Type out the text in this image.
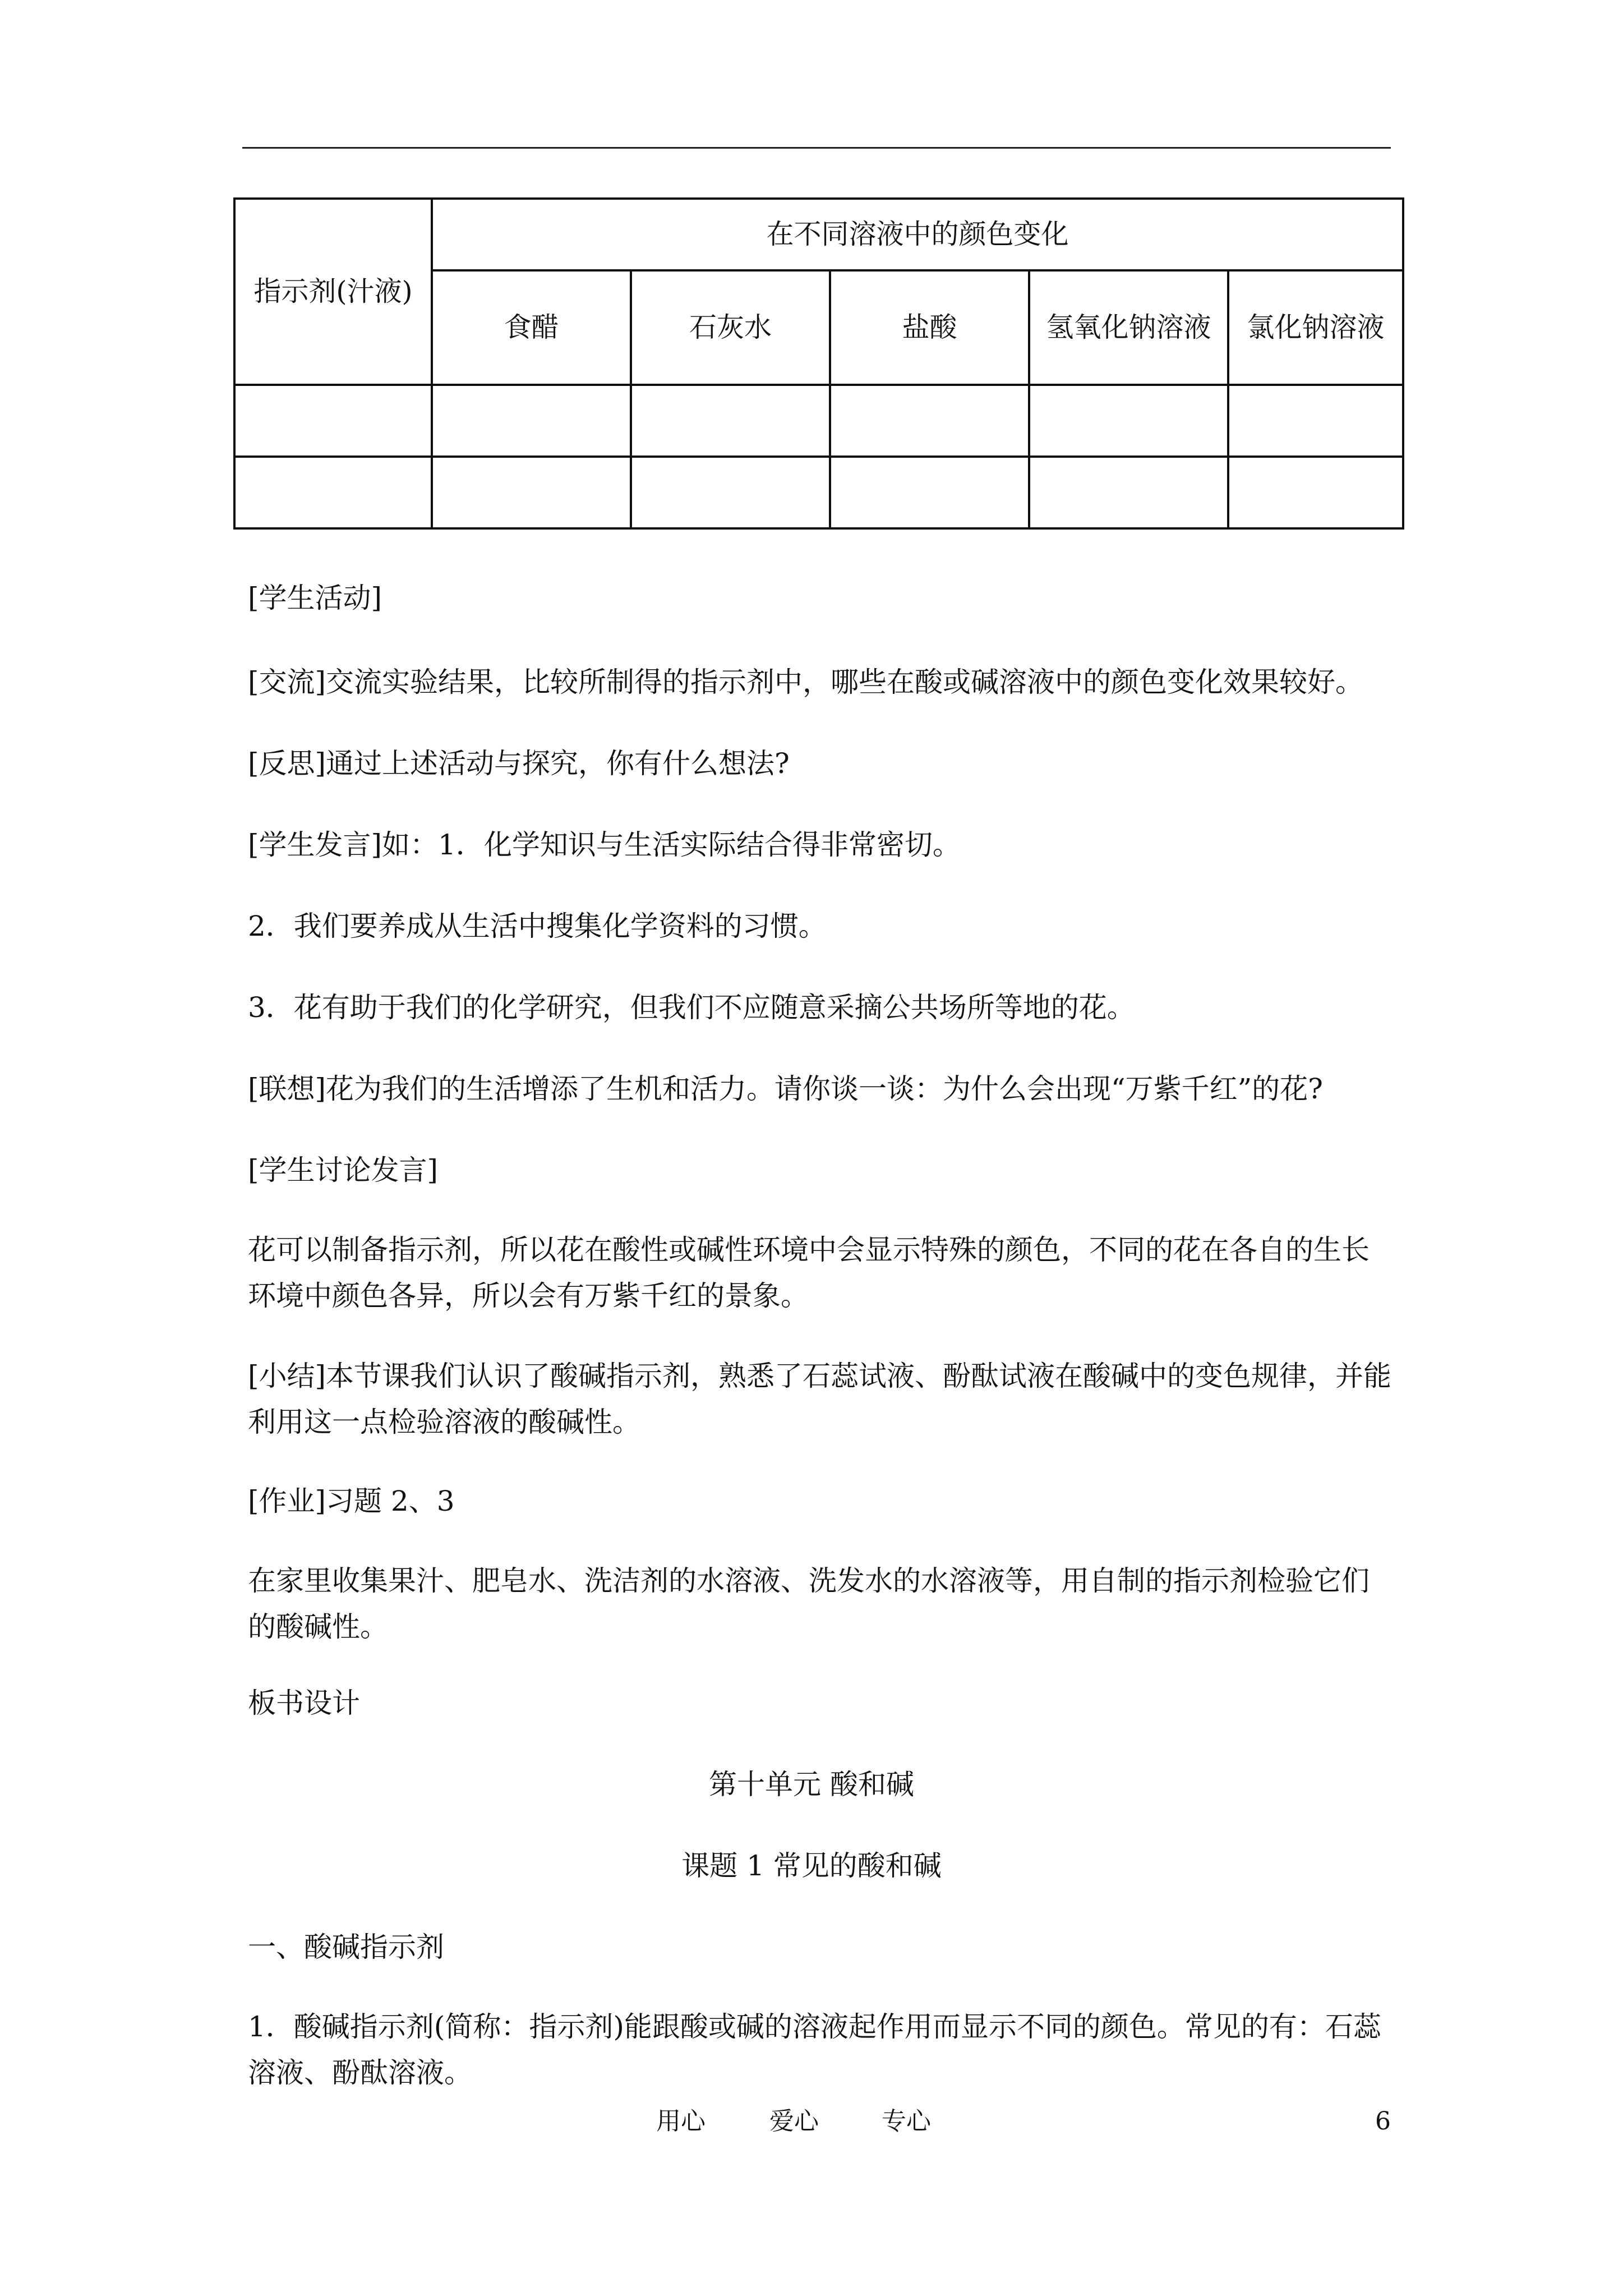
指示剂(汁液)	在不同溶液中的颜色变化				
	食醋	石灰水	盐酸	氢氧化钠溶液	氯化钠溶液

[学生活动]

[交流]交流实验结果，比较所制得的指示剂中，哪些在酸或碱溶液中的颜色变化效果较好。

[反思]通过上述活动与探究，你有什么想法?

[学生发言]如：1．化学知识与生活实际结合得非常密切。

2．我们要养成从生活中搜集化学资料的习惯。

3．花有助于我们的化学研究，但我们不应随意采摘公共场所等地的花。

[联想]花为我们的生活增添了生机和活力。请你谈一谈：为什么会出现“万紫千红”的花?

[学生讨论发言]

花可以制备指示剂，所以花在酸性或碱性环境中会显示特殊的颜色，不同的花在各自的生长环境中颜色各异，所以会有万紫千红的景象。

[小结]本节课我们认识了酸碱指示剂，熟悉了石蕊试液、酚酞试液在酸碱中的变色规律，并能利用这一点检验溶液的酸碱性。

[作业]习题 2、3

在家里收集果汁、肥皂水、洗洁剂的水溶液、洗发水的水溶液等，用自制的指示剂检验它们的酸碱性。

板书设计

第十单元 酸和碱

课题 1 常见的酸和碱

一、酸碱指示剂

1．酸碱指示剂(简称：指示剂)能跟酸或碱的溶液起作用而显示不同的颜色。常见的有：石蕊溶液、酚酞溶液。

用心	爱心	专心	6
